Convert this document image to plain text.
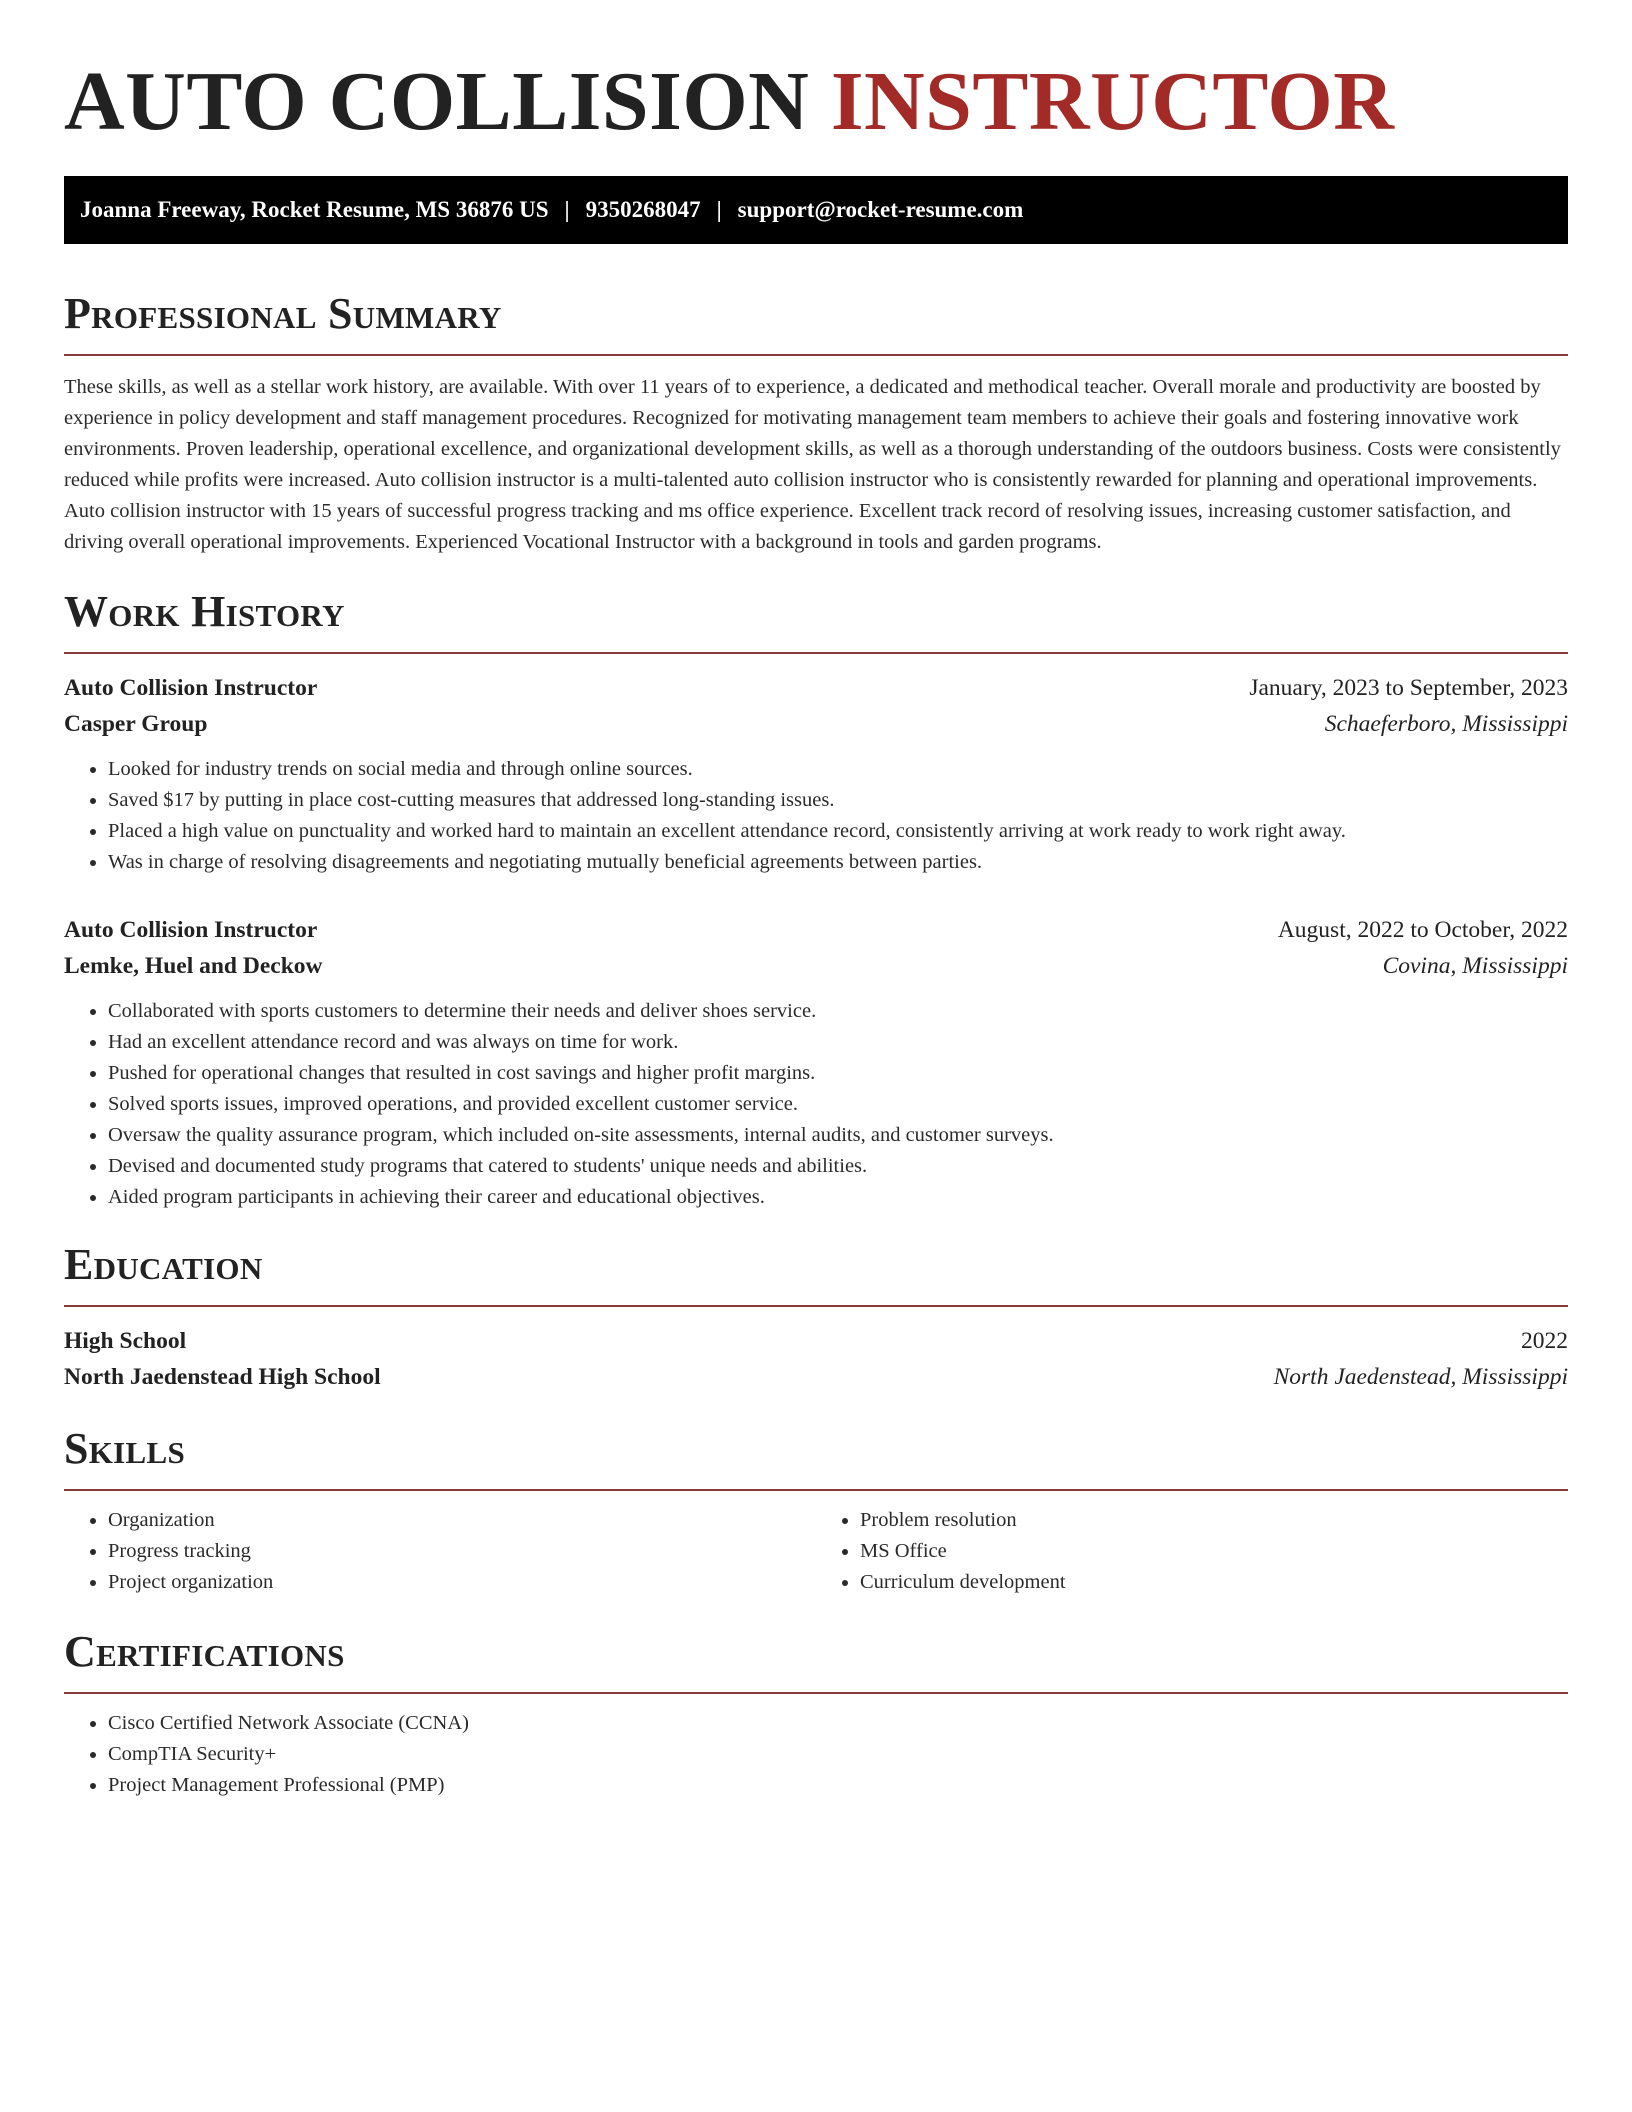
AUTO COLLISION INSTRUCTOR
Joanna Freeway, Rocket Resume, MS 36876 US | 9350268047 | support@rocket-resume.com
Professional Summary

These skills, as well as a stellar work history, are available. With over 11 years of to experience, a dedicated and methodical teacher. Overall morale and productivity are boosted by experience in policy development and staff management procedures. Recognized for motivating management team members to achieve their goals and fostering innovative work environments. Proven leadership, operational excellence, and organizational development skills, as well as a thorough understanding of the outdoors business. Costs were consistently reduced while profits were increased. Auto collision instructor is a multi-talented auto collision instructor who is consistently rewarded for planning and operational improvements. Auto collision instructor with 15 years of successful progress tracking and ms office experience. Excellent track record of resolving issues, increasing customer satisfaction, and driving overall operational improvements. Experienced Vocational Instructor with a background in tools and garden programs.

Work History
Auto Collision Instructor	January, 2023 to September, 2023
Casper Group	Schaeferboro, Mississippi
• Looked for industry trends on social media and through online sources.
• Saved $17 by putting in place cost-cutting measures that addressed long-standing issues.
• Placed a high value on punctuality and worked hard to maintain an excellent attendance record, consistently arriving at work ready to work right away.
• Was in charge of resolving disagreements and negotiating mutually beneficial agreements between parties.
Auto Collision Instructor	August, 2022 to October, 2022
Lemke, Huel and Deckow	Covina, Mississippi
• Collaborated with sports customers to determine their needs and deliver shoes service.
• Had an excellent attendance record and was always on time for work.
• Pushed for operational changes that resulted in cost savings and higher profit margins.
• Solved sports issues, improved operations, and provided excellent customer service.
• Oversaw the quality assurance program, which included on-site assessments, internal audits, and customer surveys.
• Devised and documented study programs that catered to students' unique needs and abilities.
• Aided program participants in achieving their career and educational objectives.
Education
High School	2022
North Jaedenstead High School	North Jaedenstead, Mississippi
Skills
• Organization
• Progress tracking
• Project organization
• Problem resolution
• MS Office
• Curriculum development
Certifications
• Cisco Certified Network Associate (CCNA)
• CompTIA Security+
• Project Management Professional (PMP)
